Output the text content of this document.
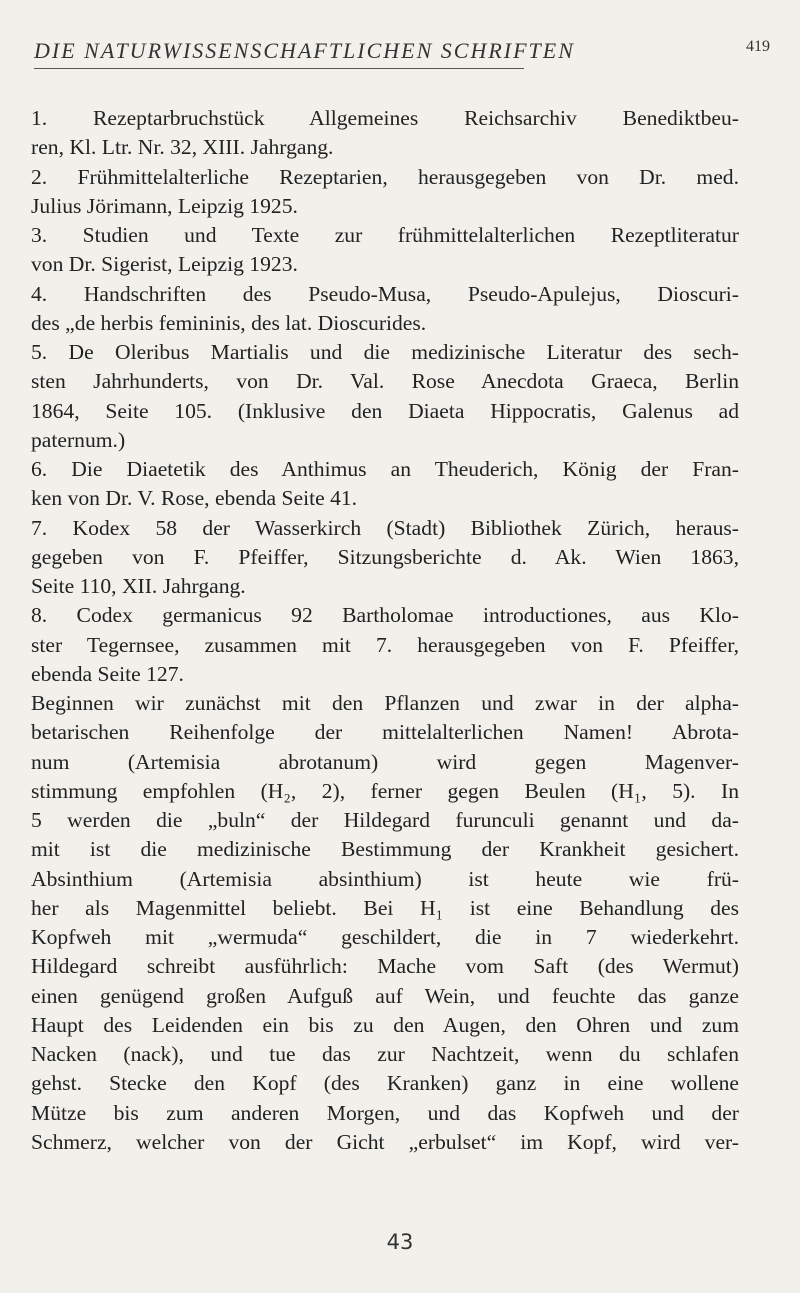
DIE NATURWISSENSCHAFTLICHEN SCHRIFTEN	419
1. Rezeptarbruchstück Allgemeines Reichsarchiv Benediktbeu-
ren, Kl. Ltr. Nr. 32, XIII. Jahrgang.
2. Frühmittelalterliche Rezeptarien, herausgegeben von Dr. med.
Julius Jörimann, Leipzig 1925.
3. Studien und Texte zur frühmittelalterlichen Rezeptliteratur
von Dr. Sigerist, Leipzig 1923.
4. Handschriften des Pseudo-Musa, Pseudo-Apulejus, Dioscuri-
des „de herbis femininis, des lat. Dioscurides.
5. De Oleribus Martialis und die medizinische Literatur des sech-
sten Jahrhunderts, von Dr. Val. Rose Anecdota Graeca, Berlin
1864, Seite 105. (Inklusive den Diaeta Hippocratis, Galenus ad
paternum.)
6. Die Diaetetik des Anthimus an Theuderich, König der Fran-
ken von Dr. V. Rose, ebenda Seite 41.
7. Kodex 58 der Wasserkirch (Stadt) Bibliothek Zürich, heraus-
gegeben von F. Pfeiffer, Sitzungsberichte d. Ak. Wien 1863,
Seite 110, XII. Jahrgang.
8. Codex germanicus 92 Bartholomae introductiones, aus Klo-
ster Tegernsee, zusammen mit 7. herausgegeben von F. Pfeiffer,
ebenda Seite 127.
Beginnen wir zunächst mit den Pflanzen und zwar in der alpha-
betarischen Reihenfolge der mittelalterlichen Namen! Abrota-
num (Artemisia abrotanum) wird gegen Magenver-
stimmung empfohlen (H₂, 2), ferner gegen Beulen (H₁, 5). In
5 werden die „buln“ der Hildegard furunculi genannt und da-
mit ist die medizinische Bestimmung der Krankheit gesichert.
Absinthium (Artemisia absinthium) ist heute wie frü-
her als Magenmittel beliebt. Bei H₁ ist eine Behandlung des
Kopfweh mit „wermuda“ geschildert, die in 7 wiederkehrt.
Hildegard schreibt ausführlich: Mache vom Saft (des Wermut)
einen genügend großen Aufguß auf Wein, und feuchte das ganze
Haupt des Leidenden ein bis zu den Augen, den Ohren und zum
Nacken (nack), und tue das zur Nachtzeit, wenn du schlafen
gehst. Stecke den Kopf (des Kranken) ganz in eine wollene
Mütze bis zum anderen Morgen, und das Kopfweh und der
Schmerz, welcher von der Gicht „erbulset“ im Kopf, wird ver-
43
